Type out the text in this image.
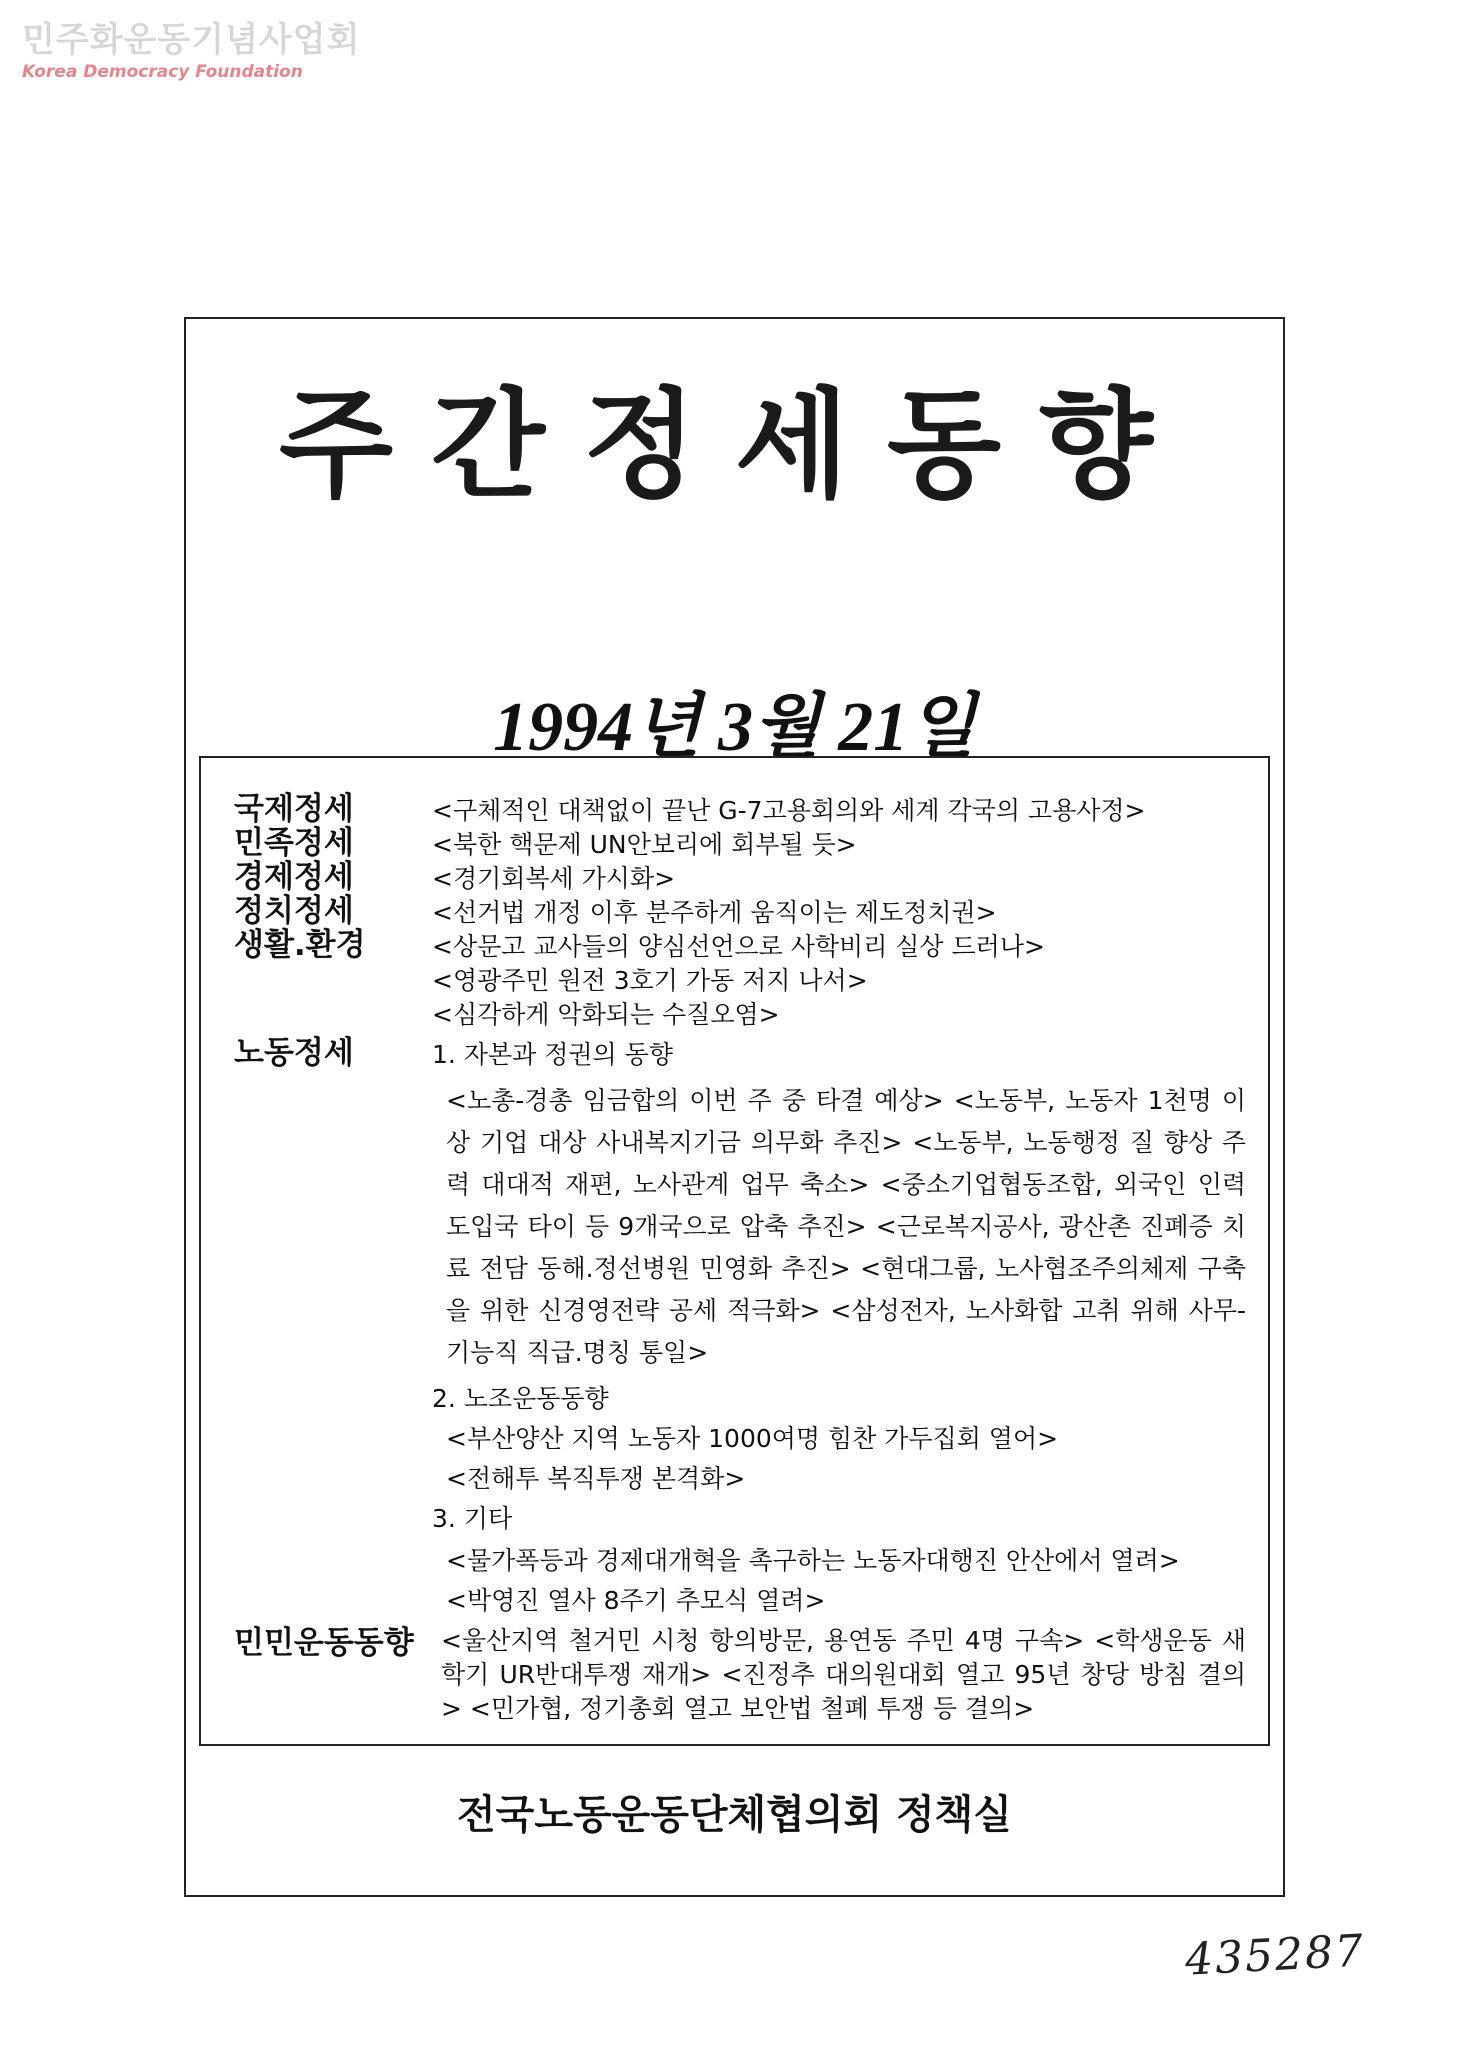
민주화운동기념사업회
Korea Democracy Foundation
주간정세동향
1994년 3월 21일
국제정세	<구체적인 대책없이 끝난 G-7고용회의와 세계 각국의 고용사정>
민족정세	<북한 핵문제 UN안보리에 회부될 듯>
경제정세	<경기회복세 가시화>
정치정세	<선거법 개정 이후 분주하게 움직이는 제도정치권>
생활.환경	<상문고 교사들의 양심선언으로 사학비리 실상 드러나>
<영광주민 원전 3호기 가동 저지 나서>
<심각하게 악화되는 수질오염>
노동정세	1. 자본과 정권의 동향
<노총-경총 임금합의 이번 주 중 타결 예상> <노동부, 노동자 1천명 이상 기업 대상 사내복지기금 의무화 추진> <노동부, 노동행정 질 향상 주력 대대적 재편, 노사관계 업무 축소> <중소기업협동조합, 외국인 인력 도입국 타이 등 9개국으로 압축 추진> <근로복지공사, 광산촌 진폐증 치료 전담 동해.정선병원 민영화 추진> <현대그룹, 노사협조주의체제 구축을 위한 신경영전략 공세 적극화> <삼성전자, 노사화합 고취 위해 사무-기능직 직급.명칭 통일>
2. 노조운동동향
<부산양산 지역 노동자 1000여명 힘찬 가두집회 열어>
<전해투 복직투쟁 본격화>
3. 기타
<물가폭등과 경제대개혁을 촉구하는 노동자대행진 안산에서 열려>
<박영진 열사 8주기 추모식 열려>
민민운동동향	<울산지역 철거민 시청 항의방문, 용연동 주민 4명 구속> <학생운동 새학기 UR반대투쟁 재개> <진정추 대의원대회 열고 95년 창당 방침 결의> <민가협, 정기총회 열고 보안법 철폐 투쟁 등 결의>
전국노동운동단체협의회 정책실
435287
